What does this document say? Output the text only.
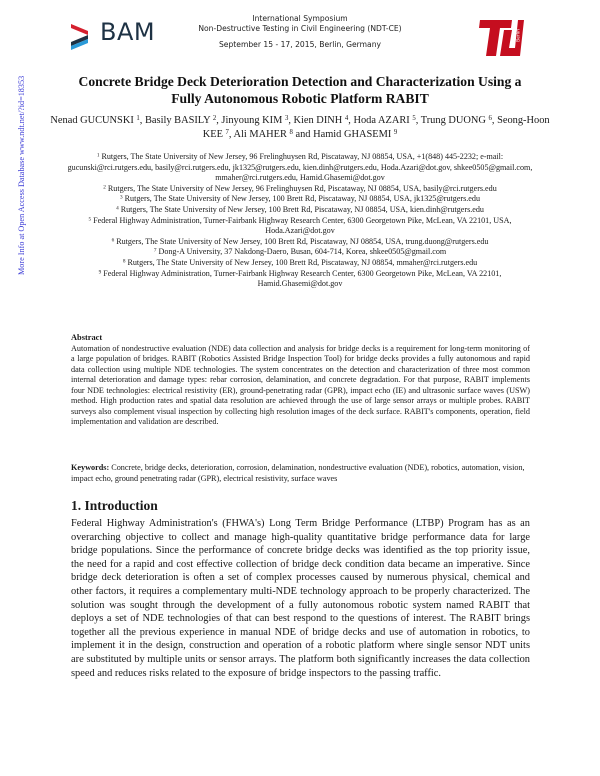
More Info at Open Access Database www.ndt.net/?id=18353
BAM	International Symposium
Non-Destructive Testing in Civil Engineering (NDT-CE)
September 15 - 17, 2015, Berlin, Germany
Berlin
Concrete Bridge Deck Deterioration Detection and Characterization Using a
Fully Autonomous Robotic Platform RABIT
Nenad GUCUNSKI $^1$, Basily BASILY $^2$, Jinyoung KIM $^3$, Kien DINH $^4$, Hoda AZARI $^5$, Trung DUONG $^6$, Seong-Hoon KEE $^7$, Ali MAHER $^8$ and Hamid GHASEMI $^9$
$^1$ Rutgers, The State University of New Jersey, 96 Frelinghuysen Rd, Piscataway, NJ 08854, USA, +1(848) 445-2232; e-mail: gucunski@rci.rutgers.edu, basily@rci.rutgers.edu, jk1325@rutgers.edu, kien.dinh@rutgers.edu, Hoda.Azari@dot.gov, shkee0505@gmail.com, mmaher@rci.rutgers.edu, Hamid.Ghasemi@dot.gov
$^2$ Rutgers, The State University of New Jersey, 96 Frelinghuysen Rd, Piscataway, NJ 08854, USA, basily@rci.rutgers.edu
$^3$ Rutgers, The State University of New Jersey, 100 Brett Rd, Piscataway, NJ 08854, USA, jk1325@rutgers.edu
$^4$ Rutgers, The State University of New Jersey, 100 Brett Rd, Piscataway, NJ 08854, USA, kien.dinh@rutgers.edu
$^5$ Federal Highway Administration, Turner-Fairbank Highway Research Center, 6300 Georgetown Pike, McLean, VA 22101, USA, Hoda.Azari@dot.gov
$^6$ Rutgers, The State University of New Jersey, 100 Brett Rd, Piscataway, NJ 08854, USA, trung.duong@rutgers.edu
$^7$ Dong-A University, 37 Nakdong-Daero, Busan, 604-714, Korea, shkee0505@gmail.com
$^8$ Rutgers, The State University of New Jersey, 100 Brett Rd, Piscataway, NJ 08854, mmaher@rci.rutgers.edu
$^9$ Federal Highway Administration, Turner-Fairbank Highway Research Center, 6300 Georgetown Pike, McLean, VA 22101, Hamid.Ghasemi@dot.gov
Abstract

Automation of nondestructive evaluation (NDE) data collection and analysis for bridge decks is a requirement for long-term monitoring of a large population of bridges. RABIT (Robotics Assisted Bridge Inspection Tool) for bridge decks provides a fully autonomous and rapid data collection using multiple NDE technologies. The system concentrates on the detection and characterization of three most common internal deterioration and damage types: rebar corrosion, delamination, and concrete degradation. For that purpose, RABIT implements four NDE technologies: electrical resistivity (ER), ground-penetrating radar (GPR), impact echo (IE) and ultrasonic surface waves (USW) method. High production rates and spatial data resolution are achieved through the use of large sensor arrays or multiple probes. RABIT surveys also complement visual inspection by collecting high resolution images of the deck surface. RABIT's components, operation, field implementation and validation are described.

Keywords: Concrete, bridge decks, deterioration, corrosion, delamination, nondestructive evaluation (NDE), robotics, automation, vision, impact echo, ground penetrating radar (GPR), electrical resistivity, surface waves
1. Introduction

Federal Highway Administration's (FHWA's) Long Term Bridge Performance (LTBP) Program has as an overarching objective to collect and manage high-quality quantitative bridge performance data for large bridge populations. Since the performance of concrete bridge decks was identified as the top priority issue, the need for a rapid and cost effective collection of bridge deck condition data became an imperative. Since bridge deck deterioration is often a set of complex processes caused by numerous physical, chemical and other factors, it requires a complementary multi-NDE technology approach to be properly characterized. The solution was sought through the development of a fully autonomous robotic system named RABIT that deploys a set of NDE technologies of that can best respond to the questions of interest. The RABIT brings together all the previous experience in manual NDE of bridge decks and use of automation in robotics, to implement it in the design, construction and operation of a robotic platform where single sensor NDT units are substituted by multiple units or sensor arrays. The platform both significantly increases the data collection speed and reduces risks related to the exposure of bridge inspectors to the passing traffic.
